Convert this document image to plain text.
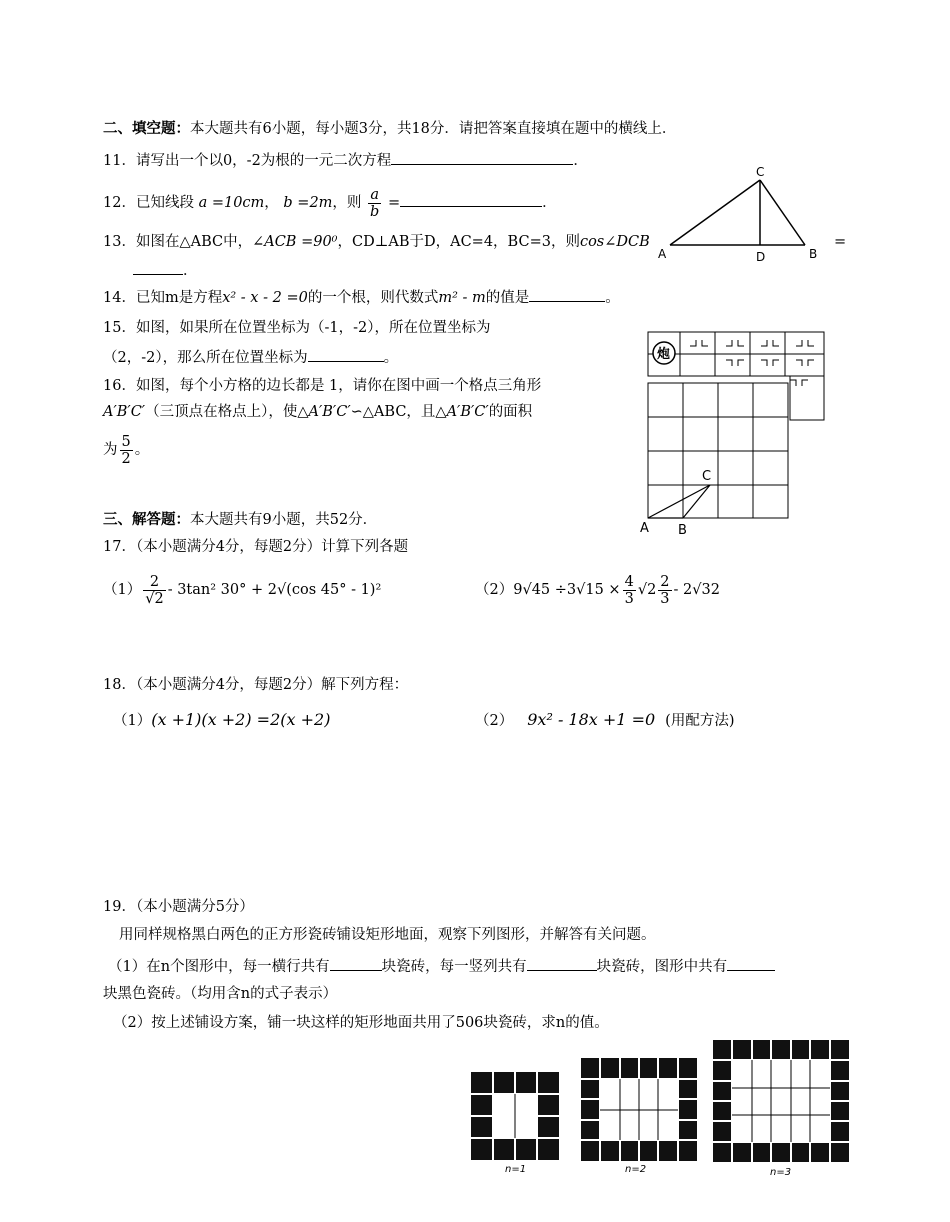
二、填空题：本大题共有6小题，每小题3分，共18分．请把答案直接填在题中的横线上．
11．请写出一个以0，-2为根的一元二次方程	．
12．已知线段 a =10cm， b =2m，则 $\frac{a}{b}$ =	．
13．如图在△ABC中，∠ACB =90⁰，CD⊥AB于D，AC=4，BC=3，则cos∠DCB	=
．
14．已知m是方程x² - x - 2 =0的一个根，则代数式m² - m的值是	。
15．如图，如果所在位置坐标为（-1，-2），所在位置坐标为
（2，-2），那么所在位置坐标为	。
16．如图，每个小方格的边长都是 1，请你在图中画一个格点三角形
A′B′C′（三顶点在格点上），使△A′B′C′∽△ABC，且△A′B′C′的面积
为 $\frac{5}{2}$ 。
三、解答题：本大题共有9小题，共52分．
17．（本小题满分4分，每题2分）计算下列各题
$(1) \frac{2}{√2} - 3\tan^2$ 30° + 2√(cos 45° - 1)²	$(2)9√45 \div 3√15 \times \frac{4}{3} √2 \frac{2}{3} - 2√32$
18．（本小题满分4分，每题2分）解下列方程：
（1）(x +1)(x +2) =2(x +2)	（2） 9x² - 18x +1 =0 (用配方法)
19．（本小题满分5分）
用同样规格黑白两色的正方形瓷砖铺设矩形地面，观察下列图形，并解答有关问题。
（1）在n个图形中，每一横行共有	块瓷砖，每一竖列共有	块瓷砖，图形中共有
块黑色瓷砖。（均用含n的式子表示）
（2）按上述铺设方案，铺一块这样的矩形地面共用了506块瓷砖，求n的值。
C
A	D	B
炮
C
A B
n=1	n=2	n=3
